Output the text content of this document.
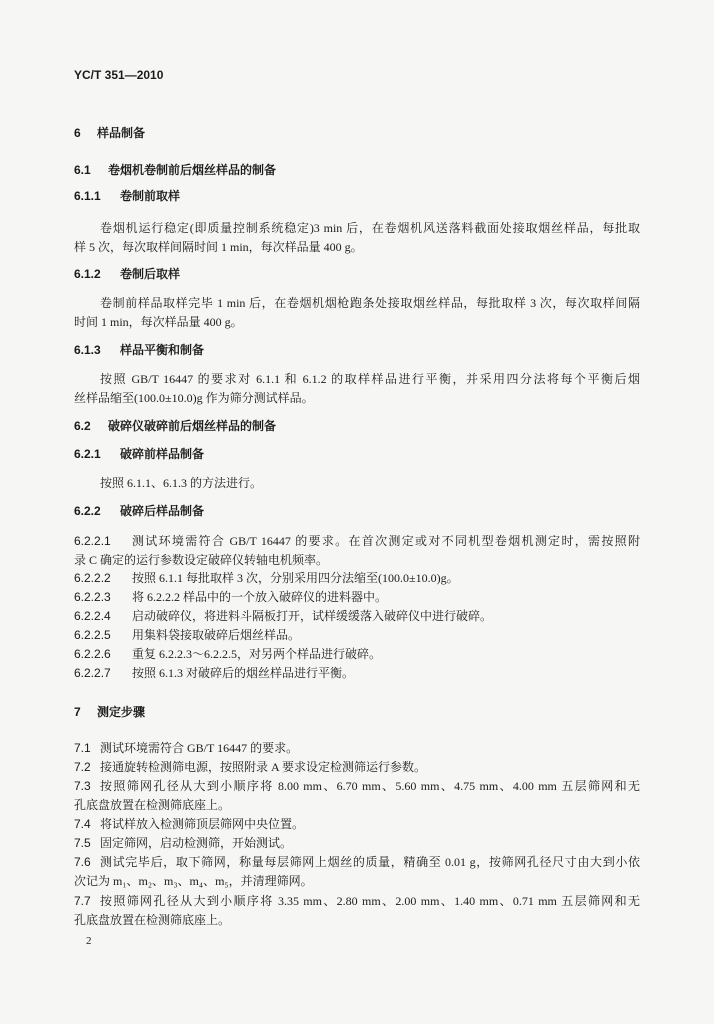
YC/T 351—2010
6 样品制备
6.1 卷烟机卷制前后烟丝样品的制备
6.1.1 卷制前取样
卷烟机运行稳定(即质量控制系统稳定)3 min 后，在卷烟机风送落料截面处接取烟丝样品，每批取
样 5 次，每次取样间隔时间 1 min，每次样品量 400 g。
6.1.2 卷制后取样
卷制前样品取样完毕 1 min 后，在卷烟机烟枪跑条处接取烟丝样品，每批取样 3 次，每次取样间隔
时间 1 min，每次样品量 400 g。
6.1.3 样品平衡和制备
按照 GB/T 16447 的要求对 6.1.1 和 6.1.2 的取样样品进行平衡，并采用四分法将每个平衡后烟
丝样品缩至(100.0±10.0)g 作为筛分测试样品。
6.2 破碎仪破碎前后烟丝样品的制备
6.2.1 破碎前样品制备
按照 6.1.1、6.1.3 的方法进行。
6.2.2 破碎后样品制备
6.2.2.1 测试环境需符合 GB/T 16447 的要求。在首次测定或对不同机型卷烟机测定时，需按照附
录 C 确定的运行参数设定破碎仪转轴电机频率。
6.2.2.2 按照 6.1.1 每批取样 3 次，分别采用四分法缩至(100.0±10.0)g。
6.2.2.3 将 6.2.2.2 样品中的一个放入破碎仪的进料器中。
6.2.2.4 启动破碎仪，将进料斗隔板打开，试样缓缓落入破碎仪中进行破碎。
6.2.2.5 用集料袋接取破碎后烟丝样品。
6.2.2.6 重复 6.2.2.3～6.2.2.5，对另两个样品进行破碎。
6.2.2.7 按照 6.1.3 对破碎后的烟丝样品进行平衡。
7 测定步骤
7.1 测试环境需符合 GB/T 16447 的要求。
7.2 接通旋转检测筛电源，按照附录 A 要求设定检测筛运行参数。
7.3 按照筛网孔径从大到小顺序将 8.00 mm、6.70 mm、5.60 mm、4.75 mm、4.00 mm 五层筛网和无
孔底盘放置在检测筛底座上。
7.4 将试样放入检测筛顶层筛网中央位置。
7.5 固定筛网，启动检测筛，开始测试。
7.6 测试完毕后，取下筛网，称量每层筛网上烟丝的质量，精确至 0.01 g，按筛网孔径尺寸由大到小依
次记为 m₁、m₂、m₃、m₄、m₅，并清理筛网。
7.7 按照筛网孔径从大到小顺序将 3.35 mm、2.80 mm、2.00 mm、1.40 mm、0.71 mm 五层筛网和无
孔底盘放置在检测筛底座上。
2
